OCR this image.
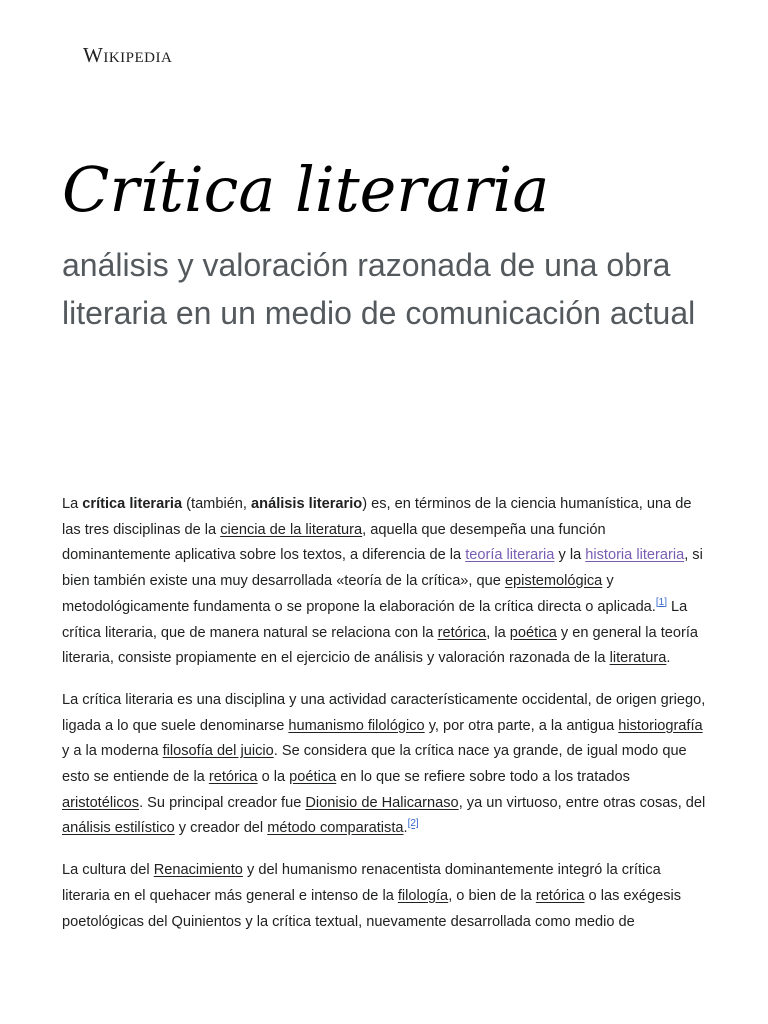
Wikipedia
Crítica literaria
análisis y valoración razonada de una obra literaria en un medio de comunicación actual

La crítica literaria (también, análisis literario) es, en términos de la ciencia humanística, una de las tres disciplinas de la ciencia de la literatura, aquella que desempeña una función dominantemente aplicativa sobre los textos, a diferencia de la teoría literaria y la historia literaria, si bien también existe una muy desarrollada «teoría de la crítica», que epistemológica y metodológicamente fundamenta o se propone la elaboración de la crítica directa o aplicada.[1] La crítica literaria, que de manera natural se relaciona con la retórica, la poética y en general la teoría literaria, consiste propiamente en el ejercicio de análisis y valoración razonada de la literatura.

La crítica literaria es una disciplina y una actividad característicamente occidental, de origen griego, ligada a lo que suele denominarse humanismo filológico y, por otra parte, a la antigua historiografía y a la moderna filosofía del juicio. Se considera que la crítica nace ya grande, de igual modo que esto se entiende de la retórica o la poética en lo que se refiere sobre todo a los tratados aristotélicos. Su principal creador fue Dionisio de Halicarnaso, ya un virtuoso, entre otras cosas, del análisis estilístico y creador del método comparatista.[2]

La cultura del Renacimiento y del humanismo renacentista dominantemente integró la crítica literaria en el quehacer más general e intenso de la filología, o bien de la retórica o las exégesis poetológicas del Quinientos y la crítica textual, nuevamente desarrollada como medio de
